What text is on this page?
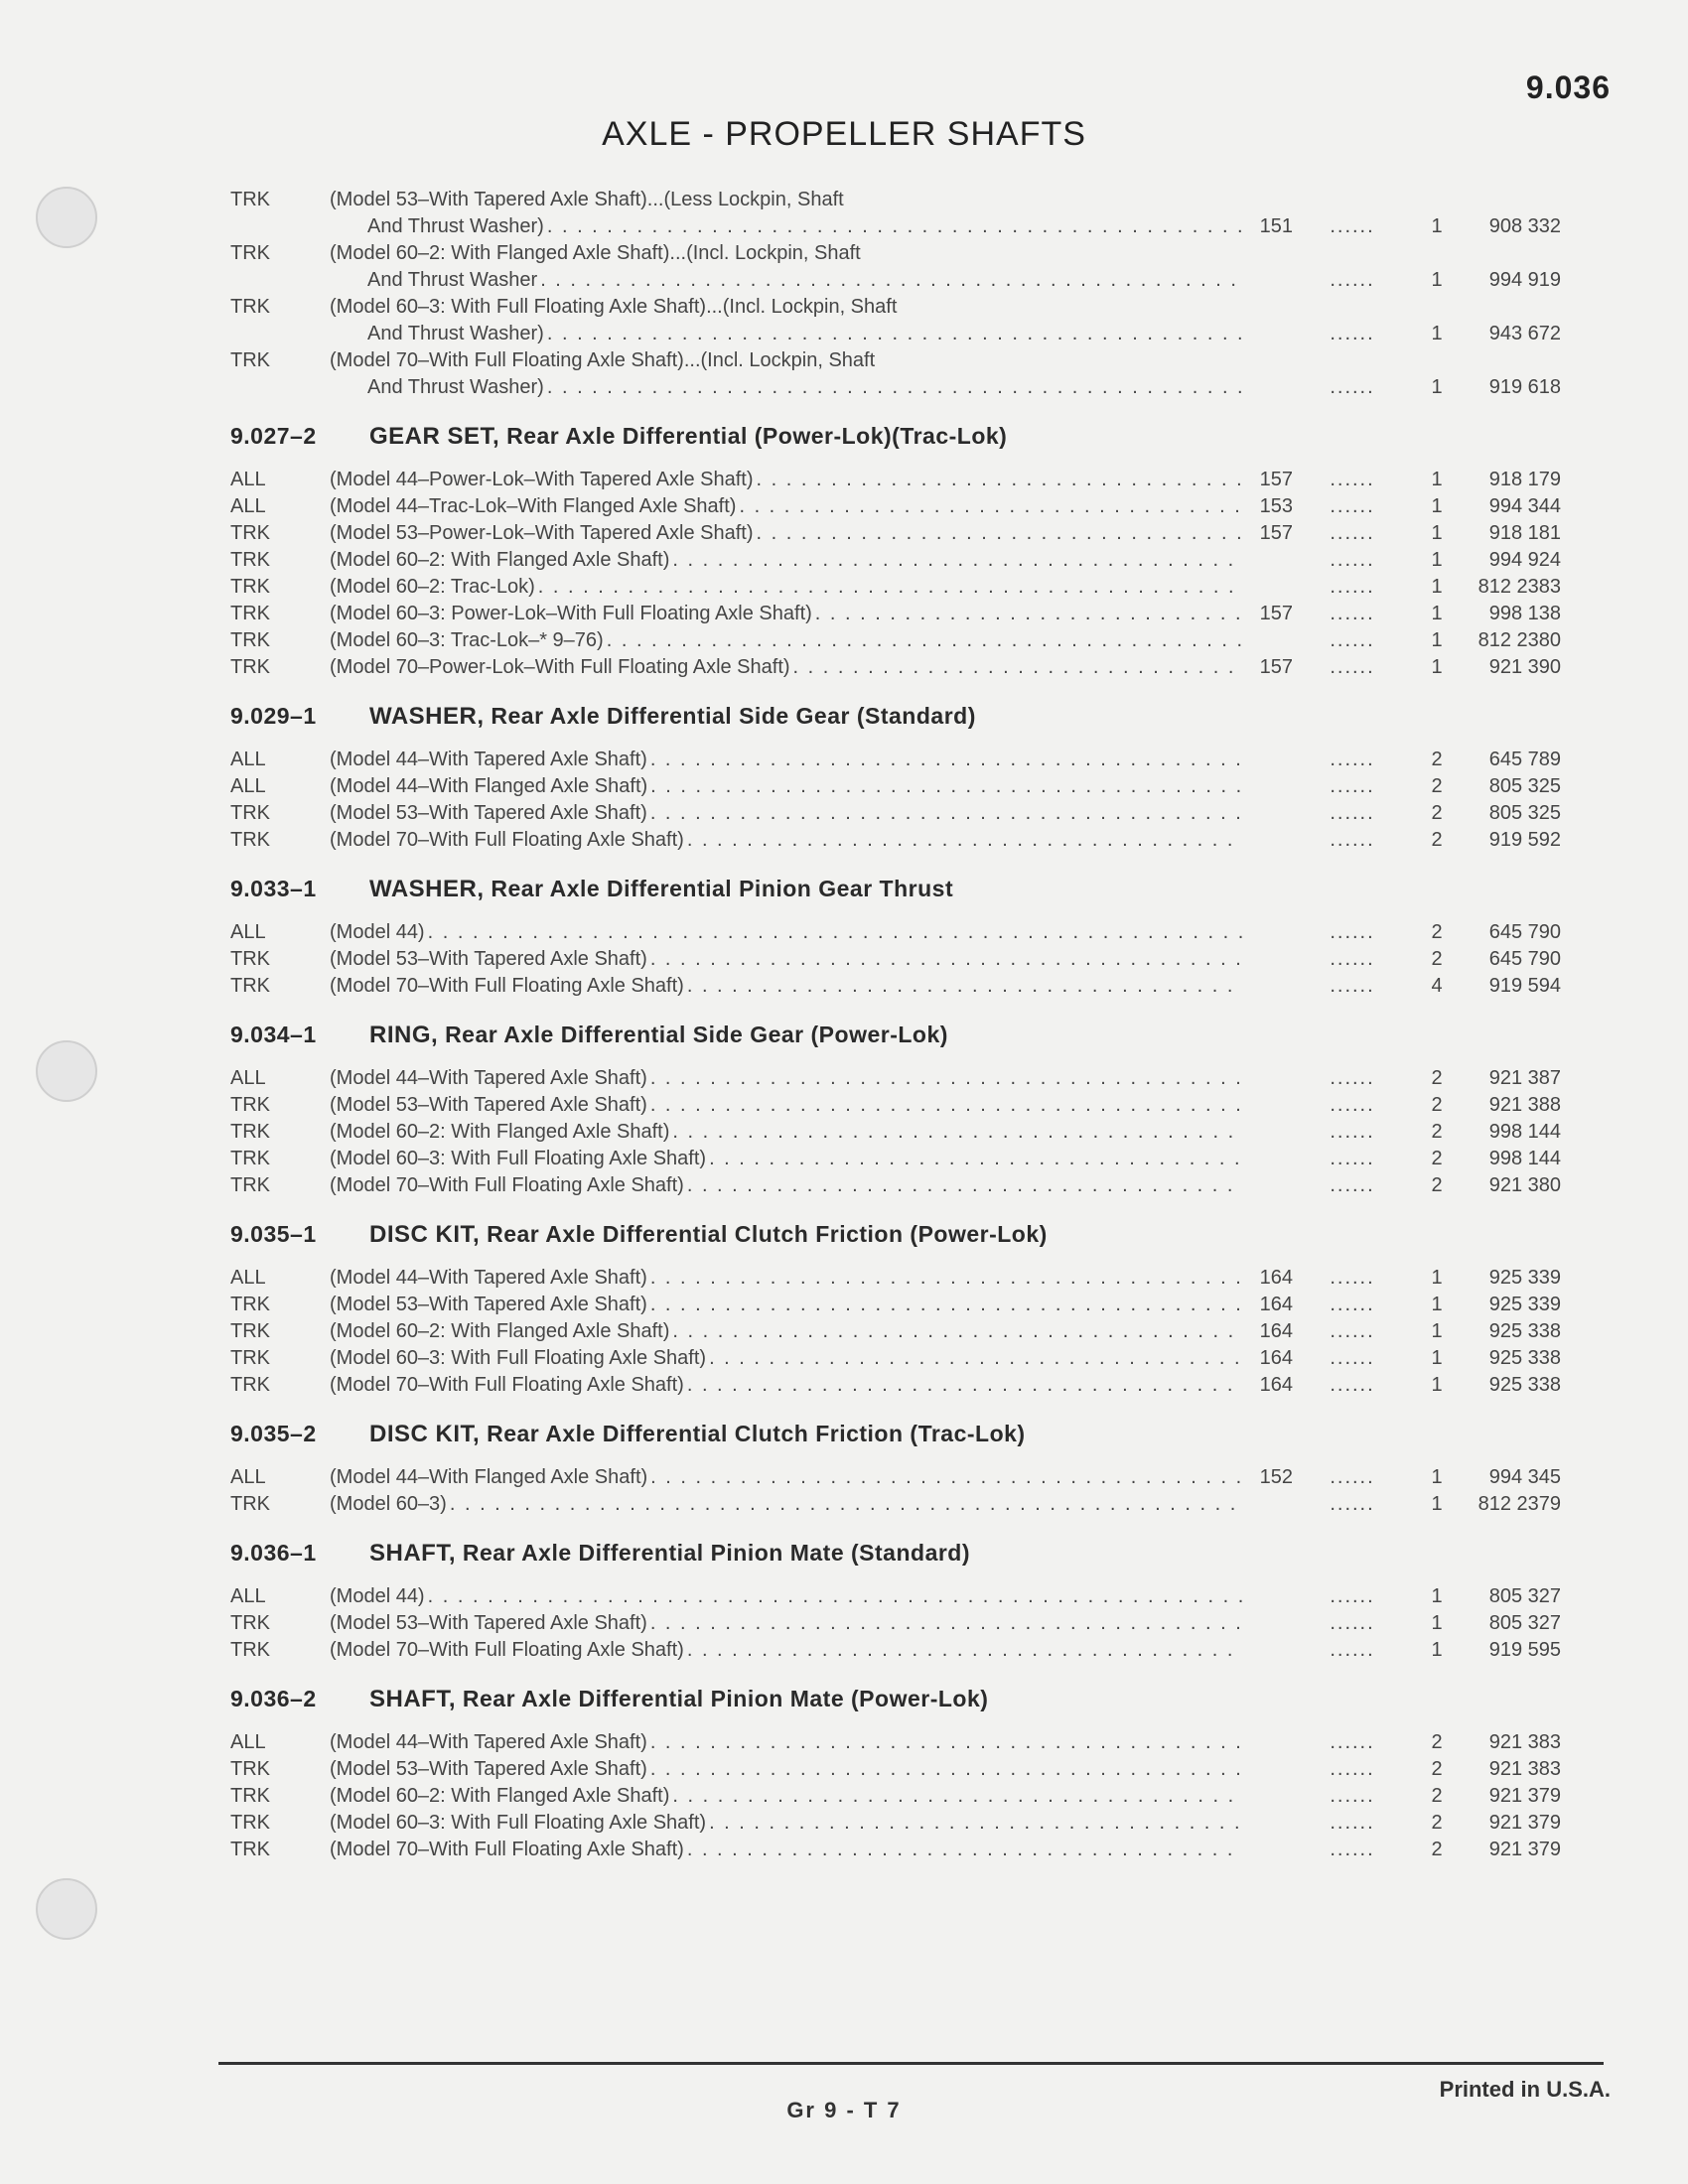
9.036
AXLE - PROPELLER SHAFTS
TRK	(Model 53–With Tapered Axle Shaft)...(Less Lockpin, Shaft
And Thrust Washer) . . .	151	......	1	908 332
TRK	(Model 60–2: With Flanged Axle Shaft)...(Incl. Lockpin, Shaft
And Thrust Washer . . .	......	1	994 919
TRK	(Model 60–3: With Full Floating Axle Shaft)...(Incl. Lockpin, Shaft
And Thrust Washer) . . .	......	1	943 672
TRK	(Model 70–With Full Floating Axle Shaft)...(Incl. Lockpin, Shaft
And Thrust Washer) . . .	......	1	919 618
9.027–2	GEAR SET,
Rear Axle Differential (Power-Lok)(Trac-Lok)
ALL	(Model 44–Power-Lok–With Tapered Axle Shaft) . . .	157	......	1	918 179
ALL	(Model 44–Trac-Lok–With Flanged Axle Shaft) . . .	153	......	1	994 344
TRK	(Model 53–Power-Lok–With Tapered Axle Shaft) . . .	157	......	1	918 181
TRK	(Model 60–2: With Flanged Axle Shaft) . . .	......	1	994 924
TRK	(Model 60–2: Trac-Lok) . . .	......	1	812 2383
TRK	(Model 60–3: Power-Lok–With Full Floating Axle Shaft) . . .	157	......	1	998 138
TRK	(Model 60–3: Trac-Lok–* 9–76) . . .	......	1	812 2380
TRK	(Model 70–Power-Lok–With Full Floating Axle Shaft) . . .	157	......	1	921 390
9.029–1	WASHER,
Rear Axle Differential Side Gear (Standard)
ALL	(Model 44–With Tapered Axle Shaft) . . .	......	2	645 789
ALL	(Model 44–With Flanged Axle Shaft) . . .	......	2	805 325
TRK	(Model 53–With Tapered Axle Shaft) . . .	......	2	805 325
TRK	(Model 70–With Full Floating Axle Shaft) . . .	......	2	919 592
9.033–1	WASHER,
Rear Axle Differential Pinion Gear Thrust
ALL	(Model 44) . . .	......	2	645 790
TRK	(Model 53–With Tapered Axle Shaft) . . .	......	2	645 790
TRK	(Model 70–With Full Floating Axle Shaft) . . .	......	4	919 594
9.034–1	RING,
Rear Axle Differential Side Gear (Power-Lok)
ALL	(Model 44–With Tapered Axle Shaft) . . .	......	2	921 387
TRK	(Model 53–With Tapered Axle Shaft) . . .	......	2	921 388
TRK	(Model 60–2: With Flanged Axle Shaft) . . .	......	2	998 144
TRK	(Model 60–3: With Full Floating Axle Shaft) . . .	......	2	998 144
TRK	(Model 70–With Full Floating Axle Shaft) . . .	......	2	921 380
9.035–1	DISC KIT,
Rear Axle Differential Clutch Friction (Power-Lok)
ALL	(Model 44–With Tapered Axle Shaft) . . .	164	......	1	925 339
TRK	(Model 53–With Tapered Axle Shaft) . . .	164	......	1	925 339
TRK	(Model 60–2: With Flanged Axle Shaft) . . .	164	......	1	925 338
TRK	(Model 60–3: With Full Floating Axle Shaft) . . .	164	......	1	925 338
TRK	(Model 70–With Full Floating Axle Shaft) . . .	164	......	1	925 338
9.035–2	DISC KIT,
Rear Axle Differential Clutch Friction (Trac-Lok)
ALL	(Model 44–With Flanged Axle Shaft) . . .	152	......	1	994 345
TRK	(Model 60–3) . . .	......	1	812 2379
9.036–1	SHAFT,
Rear Axle Differential Pinion Mate (Standard)
ALL	(Model 44) . . .	......	1	805 327
TRK	(Model 53–With Tapered Axle Shaft) . . .	......	1	805 327
TRK	(Model 70–With Full Floating Axle Shaft) . . .	......	1	919 595
9.036–2	SHAFT,
Rear Axle Differential Pinion Mate (Power-Lok)
ALL	(Model 44–With Tapered Axle Shaft) . . .	......	2	921 383
TRK	(Model 53–With Tapered Axle Shaft) . . .	......	2	921 383
TRK	(Model 60–2: With Flanged Axle Shaft) . . .	......	2	921 379
TRK	(Model 60–3: With Full Floating Axle Shaft) . . .	......	2	921 379
TRK	(Model 70–With Full Floating Axle Shaft) . . .	......	2	921 379
Printed in U.S.A.
Gr 9 - T 7
